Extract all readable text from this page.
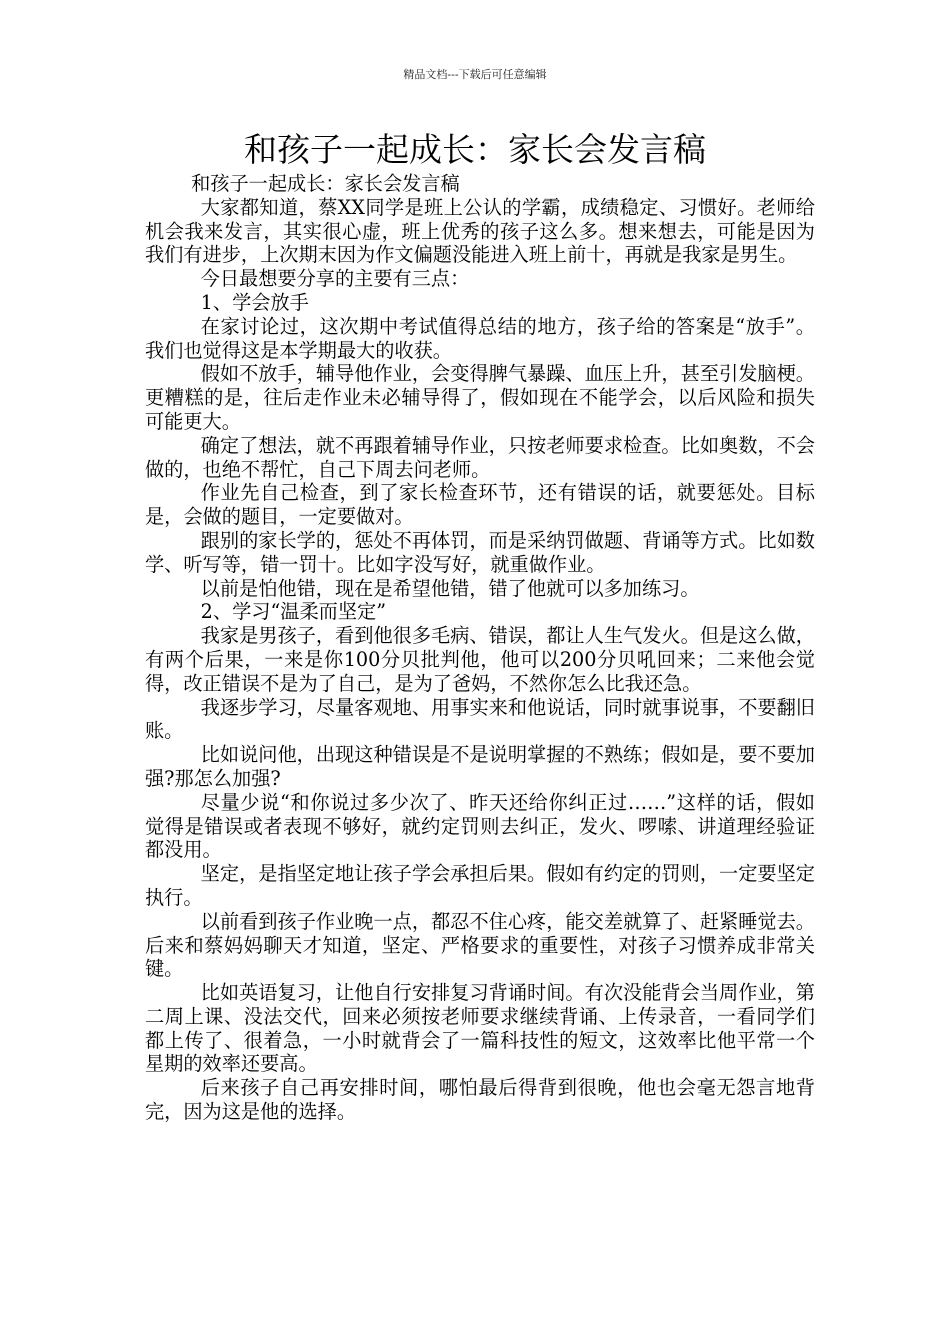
精品文档---下载后可任意编辑
和孩子一起成长：家长会发言稿

和孩子一起成长：家长会发言稿

大家都知道，蔡XX同学是班上公认的学霸，成绩稳定、习惯好。老师给机会我来发言，其实很心虚，班上优秀的孩子这么多。想来想去，可能是因为我们有进步，上次期末因为作文偏题没能进入班上前十，再就是我家是男生。

今日最想要分享的主要有三点：

1、学会放手

在家讨论过，这次期中考试值得总结的地方，孩子给的答案是“放手”。我们也觉得这是本学期最大的收获。

假如不放手，辅导他作业，会变得脾气暴躁、血压上升，甚至引发脑梗。更糟糕的是，往后走作业未必辅导得了，假如现在不能学会，以后风险和损失可能更大。

确定了想法，就不再跟着辅导作业，只按老师要求检查。比如奥数，不会做的，也绝不帮忙，自己下周去问老师。

作业先自己检查，到了家长检查环节，还有错误的话，就要惩处。目标是，会做的题目，一定要做对。

跟别的家长学的，惩处不再体罚，而是采纳罚做题、背诵等方式。比如数学、听写等，错一罚十。比如字没写好，就重做作业。

以前是怕他错，现在是希望他错，错了他就可以多加练习。

2、学习“温柔而坚定”

我家是男孩子，看到他很多毛病、错误，都让人生气发火。但是这么做，有两个后果，一来是你100分贝批判他，他可以200分贝吼回来；二来他会觉得，改正错误不是为了自己，是为了爸妈，不然你怎么比我还急。

我逐步学习，尽量客观地、用事实来和他说话，同时就事说事，不要翻旧账。

比如说问他，出现这种错误是不是说明掌握的不熟练；假如是，要不要加强?那怎么加强?

尽量少说“和你说过多少次了、昨天还给你纠正过……”这样的话，假如觉得是错误或者表现不够好，就约定罚则去纠正，发火、啰嗦、讲道理经验证都没用。

坚定，是指坚定地让孩子学会承担后果。假如有约定的罚则，一定要坚定执行。

以前看到孩子作业晚一点，都忍不住心疼，能交差就算了、赶紧睡觉去。后来和蔡妈妈聊天才知道，坚定、严格要求的重要性，对孩子习惯养成非常关键。

比如英语复习，让他自行安排复习背诵时间。有次没能背会当周作业，第二周上课、没法交代，回来必须按老师要求继续背诵、上传录音，一看同学们都上传了、很着急，一小时就背会了一篇科技性的短文，这效率比他平常一个星期的效率还要高。

后来孩子自己再安排时间，哪怕最后得背到很晚，他也会毫无怨言地背完，因为这是他的选择。
